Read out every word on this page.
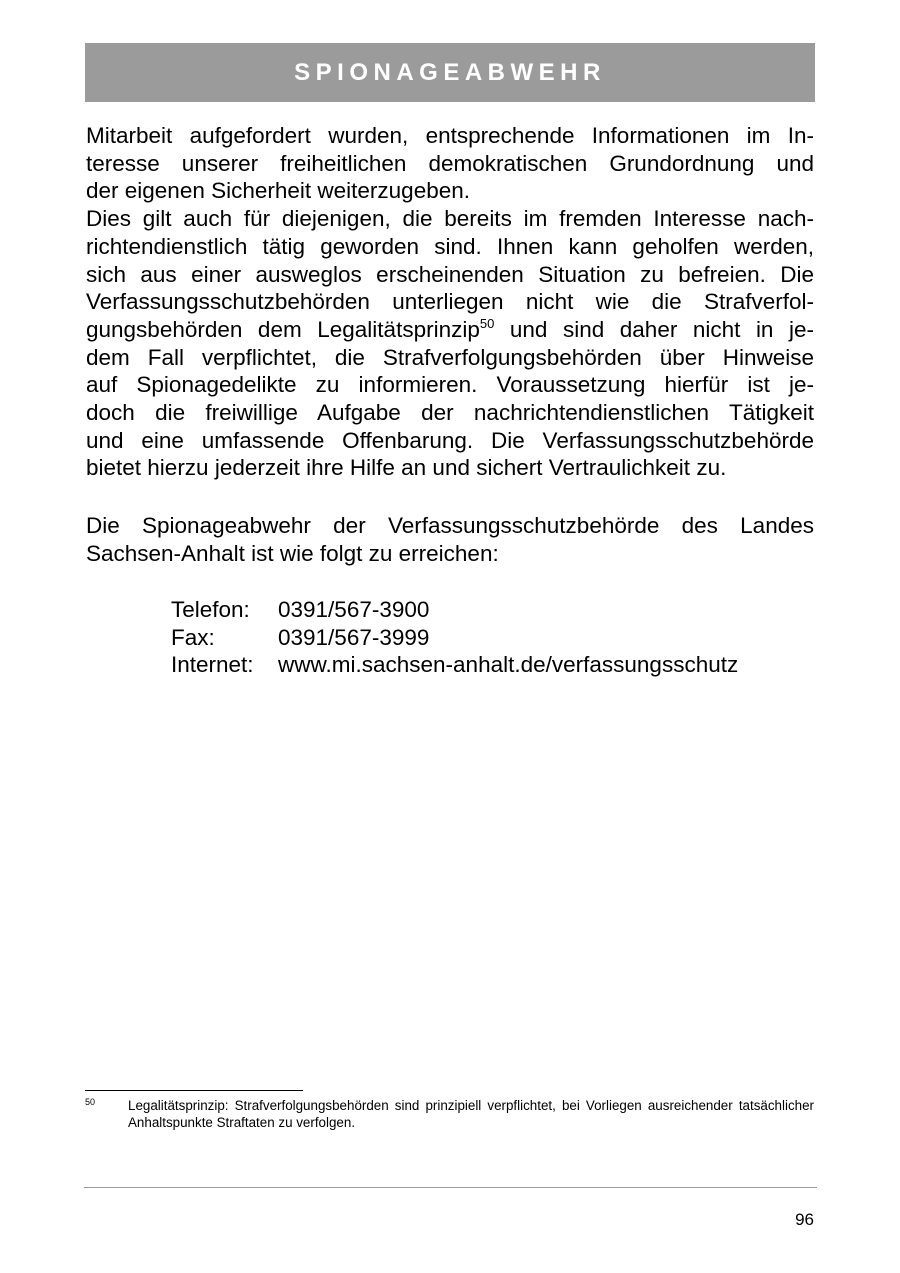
SPIONAGEABWEHR
Mitarbeit aufgefordert wurden, entsprechende Informationen im In-
teresse unserer freiheitlichen demokratischen Grundordnung und
der eigenen Sicherheit weiterzugeben.
Dies gilt auch für diejenigen, die bereits im fremden Interesse nach-
richtendienstlich tätig geworden sind. Ihnen kann geholfen werden,
sich aus einer ausweglos erscheinenden Situation zu befreien. Die
Verfassungsschutzbehörden unterliegen nicht wie die Strafverfol-
gungsbehörden dem Legalitätsprinzip$^{50}$ und sind daher nicht in je-
dem Fall verpflichtet, die Strafverfolgungsbehörden über Hinweise
auf Spionagedelikte zu informieren. Voraussetzung hierfür ist je-
doch die freiwillige Aufgabe der nachrichtendienstlichen Tätigkeit
und eine umfassende Offenbarung. Die Verfassungsschutzbehörde
bietet hierzu jederzeit ihre Hilfe an und sichert Vertraulichkeit zu.
Die Spionageabwehr der Verfassungsschutzbehörde des Landes
Sachsen-Anhalt ist wie folgt zu erreichen:
Telefon:	0391/567-3900
Fax:	0391/567-3999
Internet:	www.mi.sachsen-anhalt.de/verfassungsschutz
50 Legalitätsprinzip: Strafverfolgungsbehörden sind prinzipiell verpflichtet, bei Vorliegen ausreichender tatsächlicher Anhaltspunkte Straftaten zu verfolgen.
96
